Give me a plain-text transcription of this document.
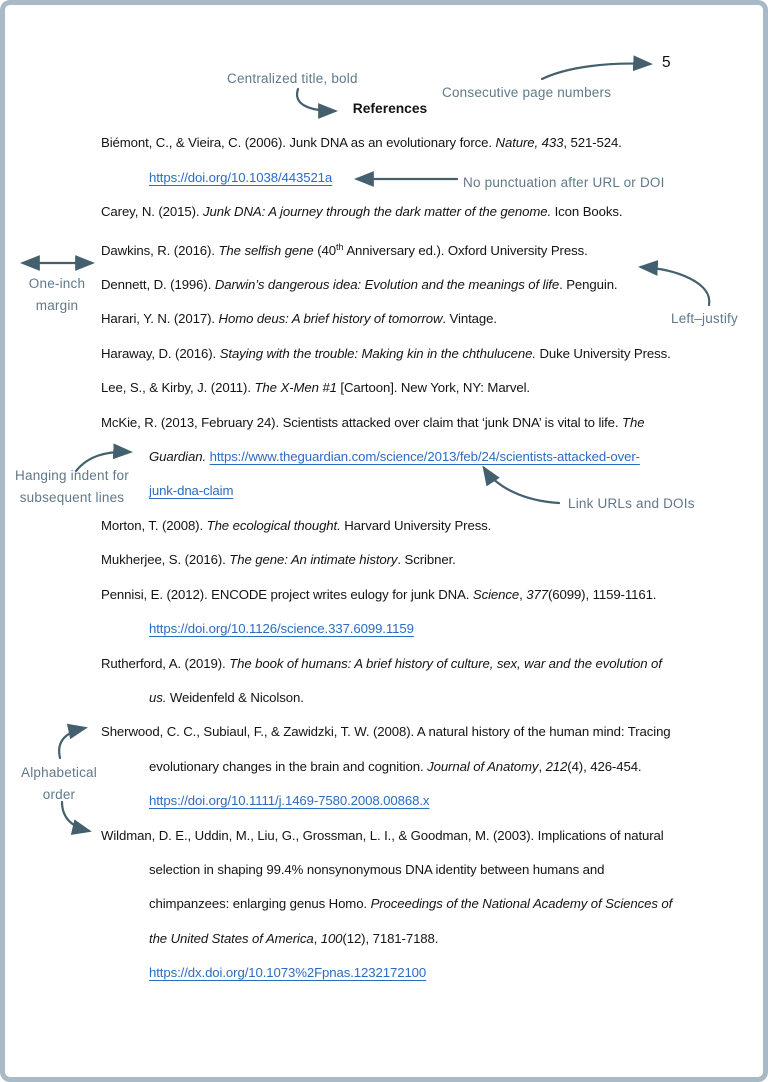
5
Centralized title, bold
Consecutive page numbers
No punctuation after URL or DOI
One-inch margin
Left–justify
Hanging indent for subsequent lines	Link URLs and DOIs
Alphabetical order
References
Biémont, C., & Vieira, C. (2006). Junk DNA as an evolutionary force. Nature, 433, 521-524.
https://doi.org/10.1038/443521a
Carey, N. (2015). Junk DNA: A journey through the dark matter of the genome. Icon Books.
Dawkins, R. (2016). The selfish gene (40th Anniversary ed.). Oxford University Press.
Dennett, D. (1996). Darwin’s dangerous idea: Evolution and the meanings of life. Penguin.
Harari, Y. N. (2017). Homo deus: A brief history of tomorrow. Vintage.
Haraway, D. (2016). Staying with the trouble: Making kin in the chthulucene. Duke University Press.
Lee, S., & Kirby, J. (2011). The X-Men #1 [Cartoon]. New York, NY: Marvel.
McKie, R. (2013, February 24). Scientists attacked over claim that ‘junk DNA’ is vital to life. The
Guardian. https://www.theguardian.com/science/2013/feb/24/scientists-attacked-over-
junk-dna-claim
Morton, T. (2008). The ecological thought. Harvard University Press.
Mukherjee, S. (2016). The gene: An intimate history. Scribner.
Pennisi, E. (2012). ENCODE project writes eulogy for junk DNA. Science, 377(6099), 1159-1161.
https://doi.org/10.1126/science.337.6099.1159
Rutherford, A. (2019). The book of humans: A brief history of culture, sex, war and the evolution of
us. Weidenfeld & Nicolson.
Sherwood, C. C., Subiaul, F., & Zawidzki, T. W. (2008). A natural history of the human mind: Tracing
evolutionary changes in the brain and cognition. Journal of Anatomy, 212(4), 426-454.
https://doi.org/10.1111/j.1469-7580.2008.00868.x
Wildman, D. E., Uddin, M., Liu, G., Grossman, L. I., & Goodman, M. (2003). Implications of natural
selection in shaping 99.4% nonsynonymous DNA identity between humans and
chimpanzees: enlarging genus Homo. Proceedings of the National Academy of Sciences of
the United States of America, 100(12), 7181-7188.
https://dx.doi.org/10.1073%2Fpnas.1232172100
